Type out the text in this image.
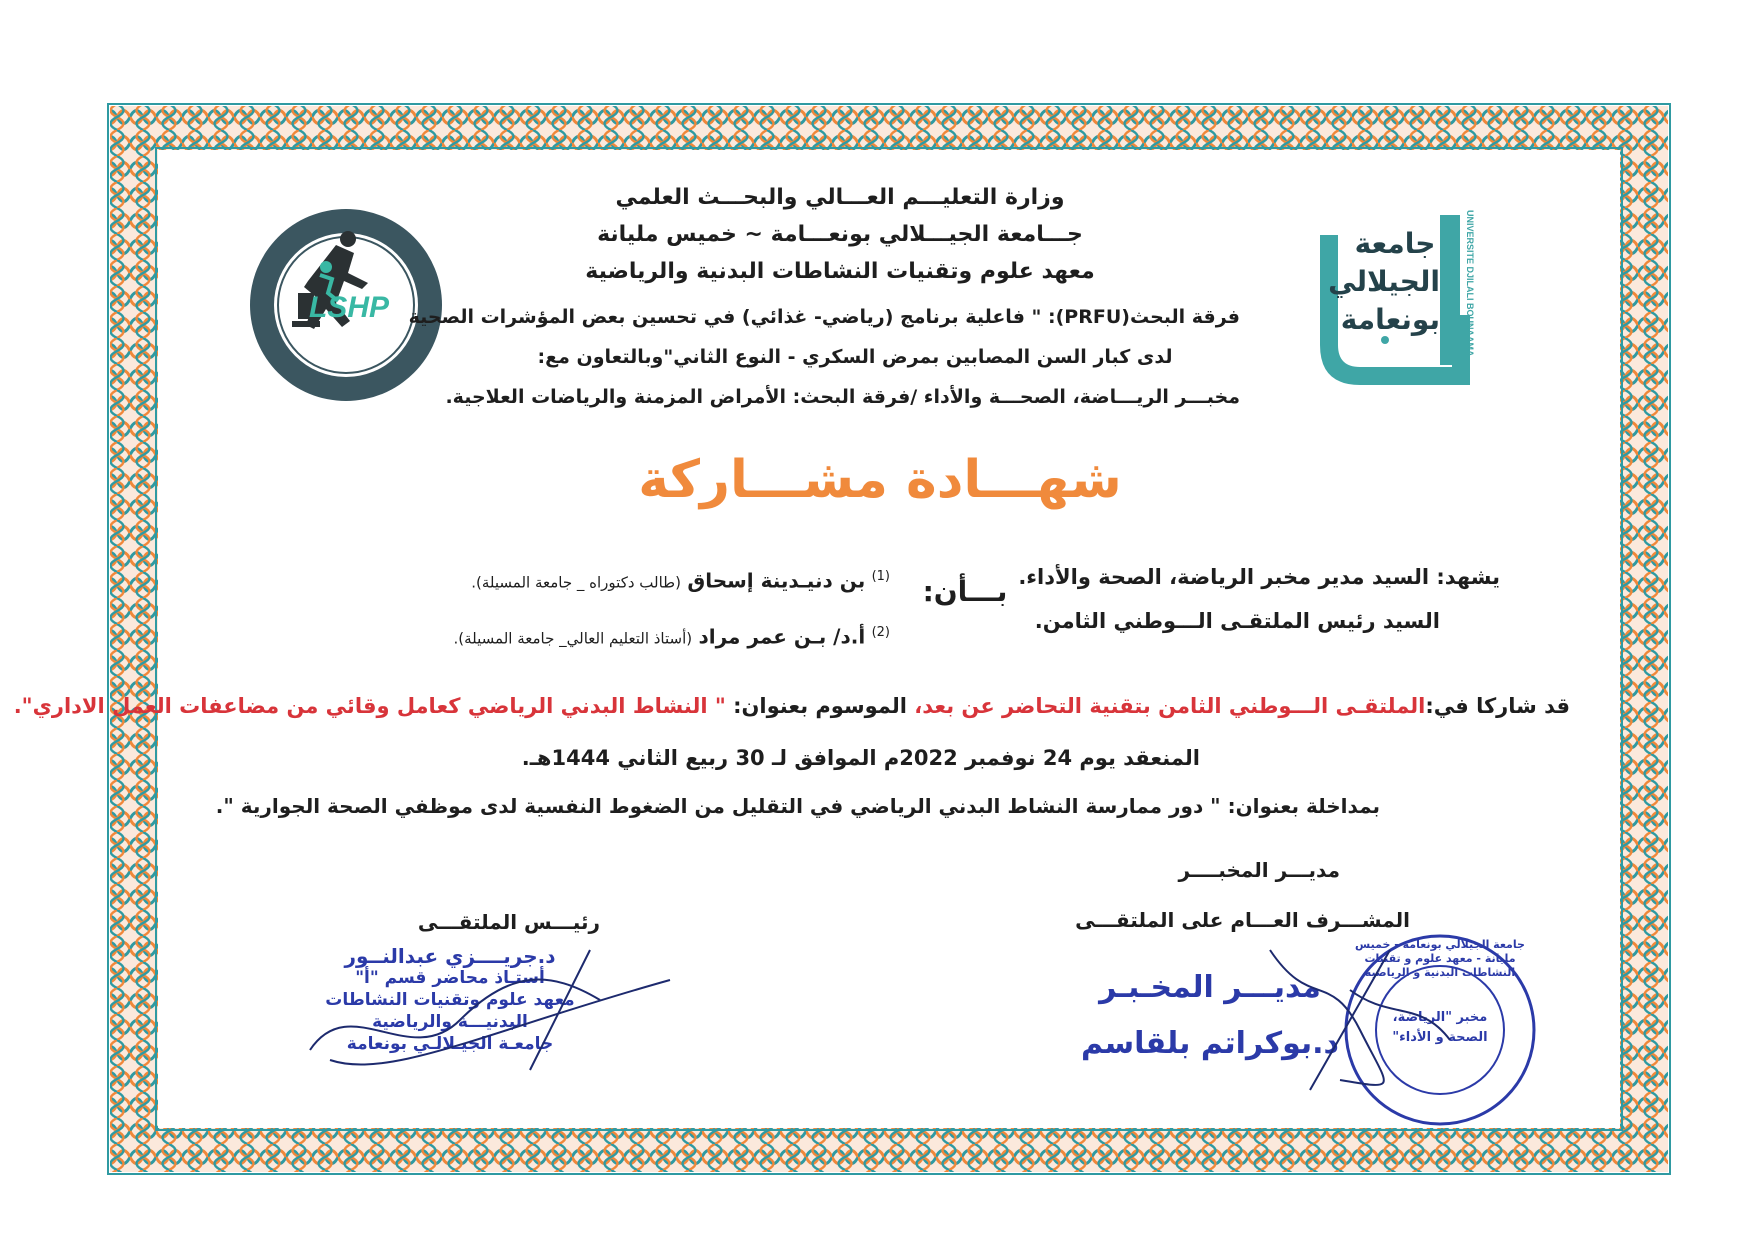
LSHP
جامعة الجيلالي بونعامة	UNIVERSITE DJILALI BOUNAAMA
وزارة التعليـــم العـــالي والبحـــث العلمي
جـــامعة الجيـــلالي بونعـــامة ~ خميس مليانة
معهد علوم وتقنيات النشاطات البدنية والرياضية
فرقة البحث(PRFU): " فاعلية برنامج (رياضي- غذائي) في تحسين بعض المؤشرات الصحية
لدى كبار السن المصابين بمرض السكري - النوع الثاني"وبالتعاون مع:
مخبـــر الريـــاضة، الصحـــة والأداء /فرقة البحث: الأمراض المزمنة والرياضات العلاجية.
شهـــادة مشـــاركة
يشهد: السيد مدير مخبر الرياضة، الصحة والأداء.
السيد رئيس الملتقـى الـــوطني الثامن.
بـــأن:
$^{(1)}$ بن دنيـدينة إسحاق (طالب دكتوراه _ جامعة المسيلة).
$^{(2)}$ أ.د/ بـن عمر مراد (أستاذ التعليم العالي_ جامعة المسيلة).
قد شاركا في:الملتقـى الـــوطني الثامن بتقنية التحاضر عن بعد، الموسوم بعنوان: " النشاط البدني الرياضي كعامل وقائي من مضاعفات العمل الاداري".
المنعقد يوم 24 نوفمبر 2022م الموافق لـ 30 ربيع الثاني 1444هـ.
بمداخلة بعنوان: " دور ممارسة النشاط البدني الرياضي في التقليل من الضغوط النفسية لدى موظفي الصحة الجوارية ".
رئيـــس الملتقـــى
د.جريــــزي عبدالنــور
أستـاذ محاضر قسم "أ"
معهد علوم وتقنيات النشاطات
البدنيـــة والرياضية
جامعـة الجيـلالـي بونعامة
مديـــر المخبــــر
المشـــرف العـــام على الملتقـــى
مديـــر المخـبـر
د.بوكراتم بلقاسم
جامعة الجيلالي بونعامة - خميس مليانة - معهد علوم و تقنيات النشاطات البدنية و الرياضية
مخبر "الرياضة، الصحة و الأداء"
